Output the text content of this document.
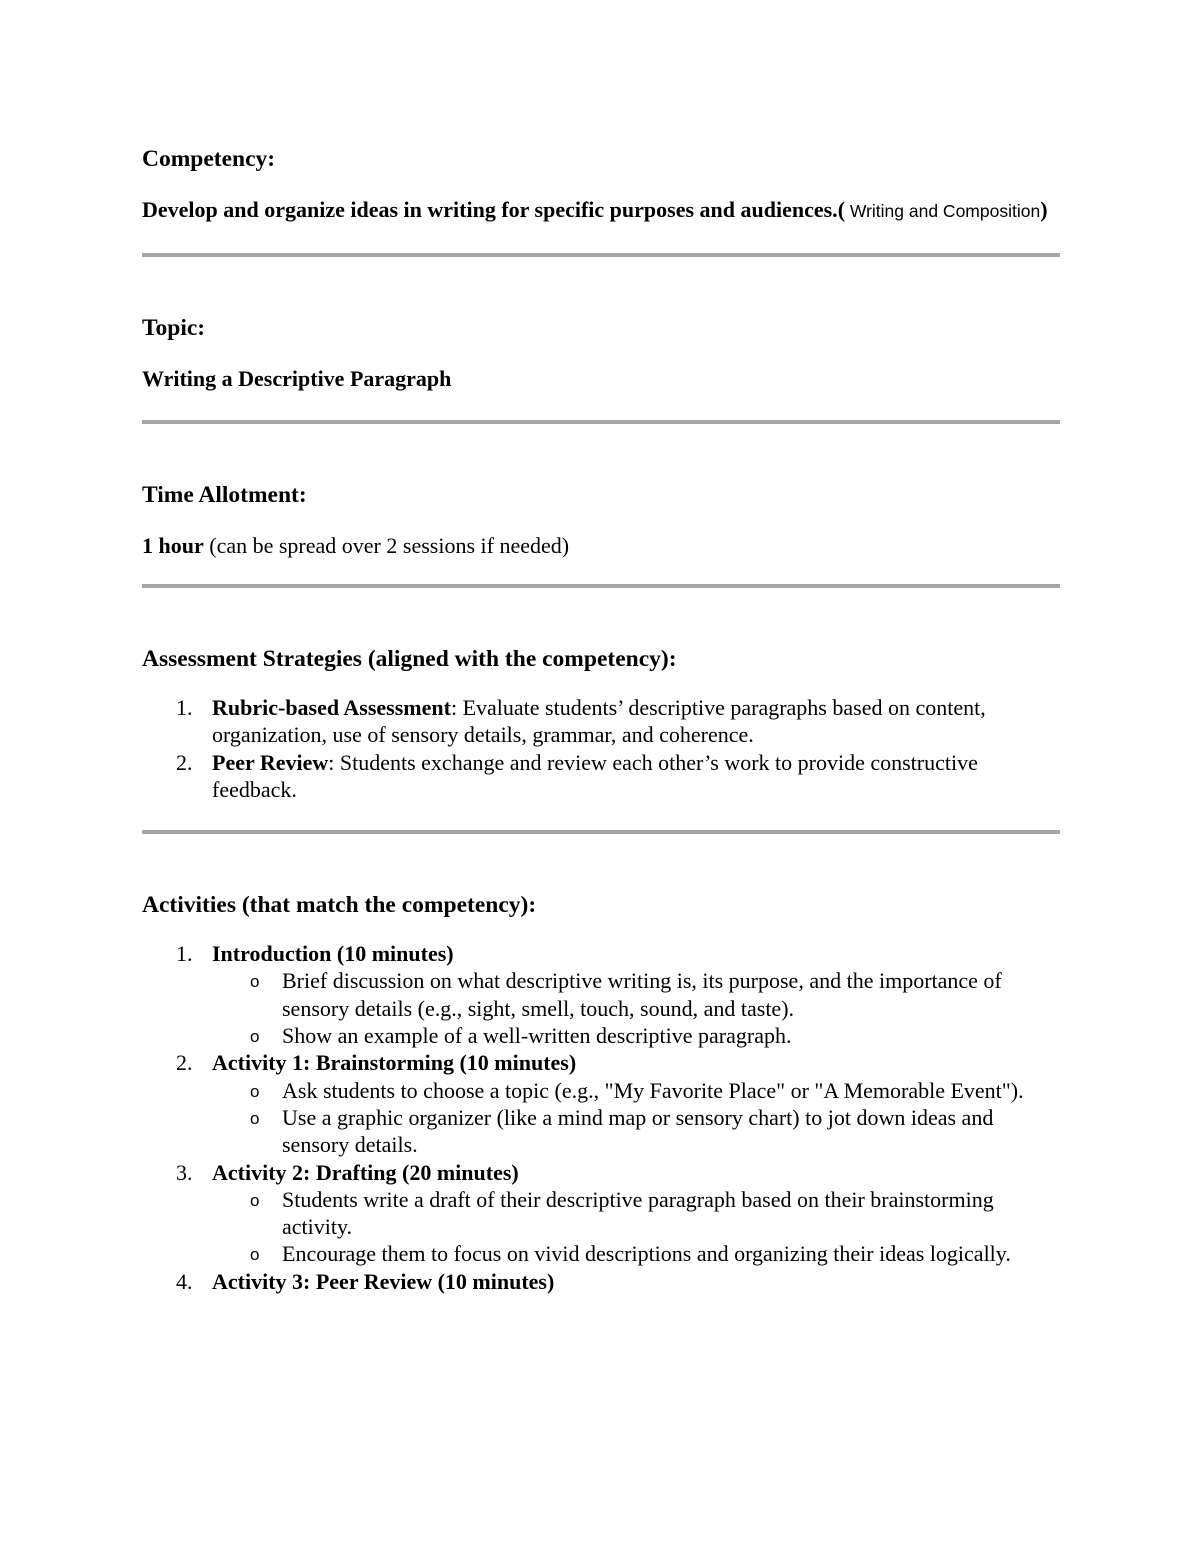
Competency:

Develop and organize ideas in writing for specific purposes and audiences.( Writing and Composition)

Topic:

Writing a Descriptive Paragraph

Time Allotment:

1 hour (can be spread over 2 sessions if needed)

Assessment Strategies (aligned with the competency):
1. Rubric-based Assessment: Evaluate students’ descriptive paragraphs based on content, organization, use of sensory details, grammar, and coherence.
2. Peer Review: Students exchange and review each other’s work to provide constructive feedback.
Activities (that match the competency):
1. Introduction (10 minutes)
o Brief discussion on what descriptive writing is, its purpose, and the importance of sensory details (e.g., sight, smell, touch, sound, and taste).
o Show an example of a well-written descriptive paragraph.
2. Activity 1: Brainstorming (10 minutes)
o Ask students to choose a topic (e.g., "My Favorite Place" or "A Memorable Event").
o Use a graphic organizer (like a mind map or sensory chart) to jot down ideas and sensory details.
3. Activity 2: Drafting (20 minutes)
o Students write a draft of their descriptive paragraph based on their brainstorming activity.
o Encourage them to focus on vivid descriptions and organizing their ideas logically.
4. Activity 3: Peer Review (10 minutes)
